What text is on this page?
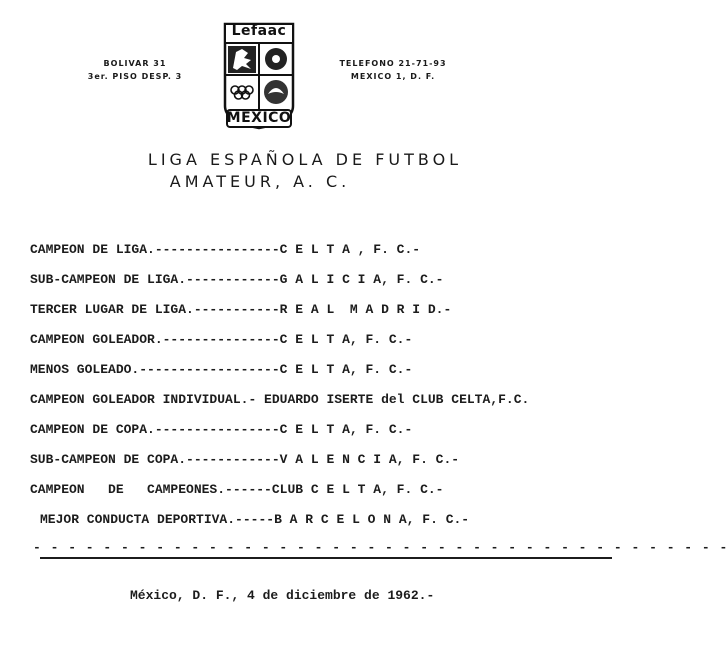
BOLIVAR 31
3er. PISO DESP. 3
Lefaac
MEXICO
TELEFONO 21-71-93
MEXICO 1, D. F.
LIGA ESPAÑOLA DE FUTBOL
AMATEUR, A. C.
CAMPEON DE LIGA.----------------C E L T A , F. C.-
SUB-CAMPEON DE LIGA.------------G A L I C I A, F. C.-
TERCER LUGAR DE LIGA.-----------R E A L  M A D R I D.-
CAMPEON GOLEADOR.---------------C E L T A, F. C.-
MENOS GOLEADO.------------------C E L T A, F. C.-
CAMPEON GOLEADOR INDIVIDUAL.- EDUARDO ISERTE del CLUB CELTA,F.C.
CAMPEON DE COPA.----------------C E L T A, F. C.-
SUB-CAMPEON DE COPA.------------V A L E N C I A, F. C.-
CAMPEON   DE   CAMPEONES.------CLUB C E L T A, F. C.-
MEJOR CONDUCTA DEPORTIVA.-----B A R C E L O N A, F. C.-
- - - - - - - - - - - - - - - - - - - - - - - - - - - - - - - - - - - - - - - -
México, D. F., 4 de diciembre de 1962.-
